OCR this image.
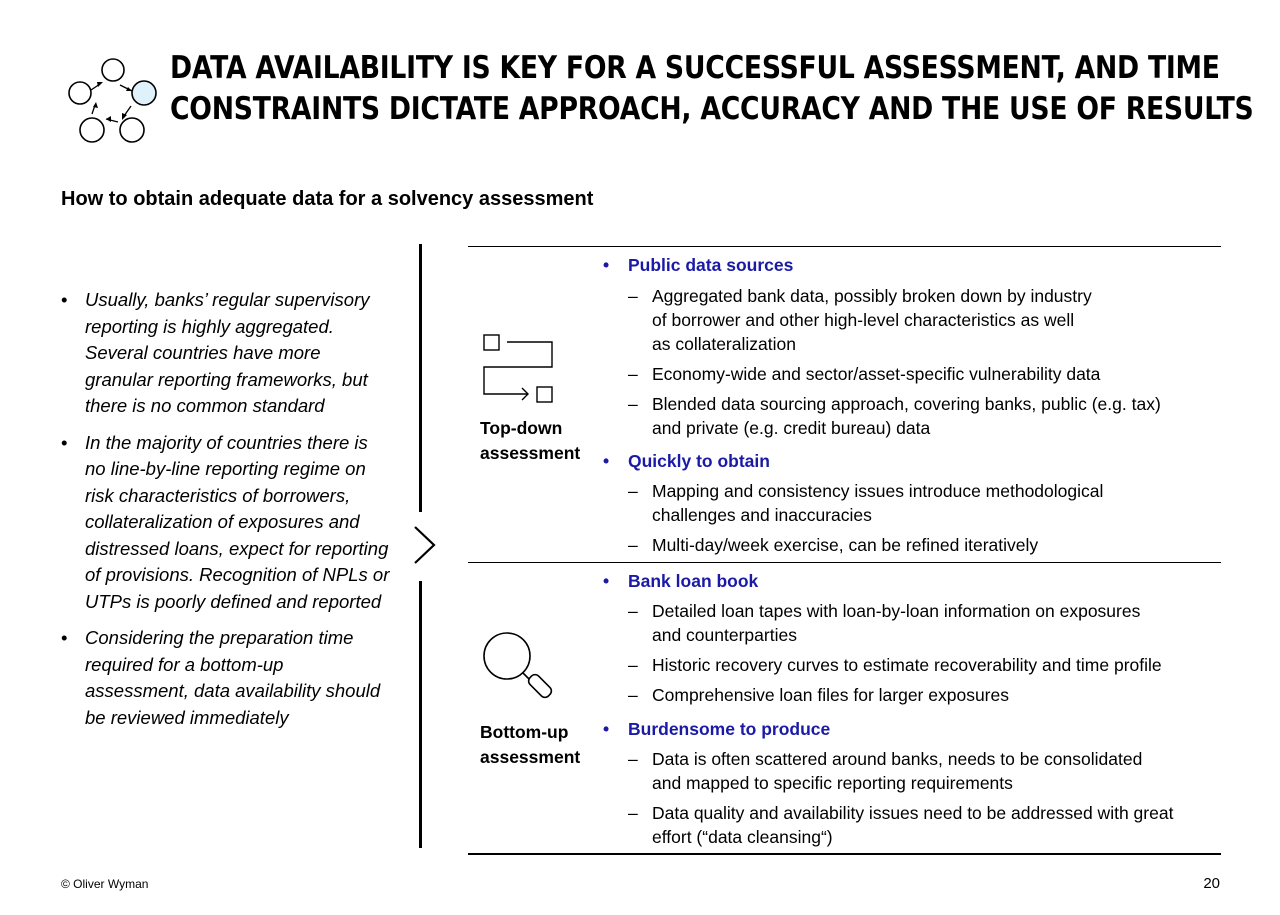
DATA AVAILABILITY IS KEY FOR A SUCCESSFUL ASSESSMENT, AND TIME
CONSTRAINTS DICTATE APPROACH, ACCURACY AND THE USE OF RESULTS
How to obtain adequate data for a solvency assessment
• Usually, banks’ regular supervisory reporting is highly aggregated. Several countries have more granular reporting frameworks, but there is no common standard
• In the majority of countries there is no line-by-line reporting regime on risk characteristics of borrowers, collateralization of exposures and distressed loans, expect for reporting of provisions. Recognition of NPLs or UTPs is poorly defined and reported
• Considering the preparation time required for a bottom-up assessment, data availability should be reviewed immediately
Top-down
assessment
• Public data sources
– Aggregated bank data, possibly broken down by industry
of borrower and other high-level characteristics as well
as collateralization
– Economy-wide and sector/asset-specific vulnerability data
– Blended data sourcing approach, covering banks, public (e.g. tax)
and private (e.g. credit bureau) data
• Quickly to obtain
– Mapping and consistency issues introduce methodological
challenges and inaccuracies
– Multi-day/week exercise, can be refined iteratively
Bottom-up
assessment
• Bank loan book
– Detailed loan tapes with loan-by-loan information on exposures
and counterparties
– Historic recovery curves to estimate recoverability and time profile
– Comprehensive loan files for larger exposures
• Burdensome to produce
– Data is often scattered around banks, needs to be consolidated
and mapped to specific reporting requirements
– Data quality and availability issues need to be addressed with great
effort (“data cleansing“)
© Oliver Wyman	20
